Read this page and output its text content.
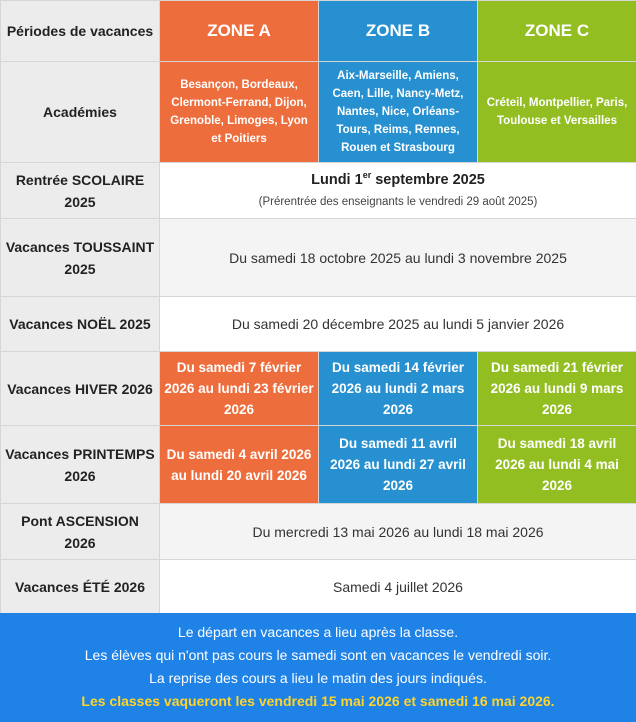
Périodes de vacances	ZONE A	ZONE B	ZONE C
Académies	Besançon, Bordeaux, Clermont-Ferrand, Dijon, Grenoble, Limoges, Lyon et Poitiers	Aix-Marseille, Amiens, Caen, Lille, Nancy-Metz, Nantes, Nice, Orléans-Tours, Reims, Rennes, Rouen et Strasbourg	Créteil, Montpellier, Paris, Toulouse et Versailles
Rentrée SCOLAIRE 2025	Lundi 1er septembre 2025
(Prérentrée des enseignants le vendredi 29 août 2025)		

Vacances TOUSSAINT 2025	Du samedi 18 octobre 2025 au lundi 3 novembre 2025		
Vacances NOËL 2025	Du samedi 20 décembre 2025 au lundi 5 janvier 2026		
Vacances HIVER 2026	Du samedi 7 février 2026 au lundi 23 février 2026	Du samedi 14 février 2026 au lundi 2 mars 2026	Du samedi 21 février 2026 au lundi 9 mars 2026
Vacances PRINTEMPS 2026	Du samedi 4 avril 2026 au lundi 20 avril 2026	Du samedi 11 avril 2026 au lundi 27 avril 2026	Du samedi 18 avril 2026 au lundi 4 mai 2026
Pont ASCENSION 2026	Du mercredi 13 mai 2026 au lundi 18 mai 2026		
Vacances ÉTÉ 2026	Samedi 4 juillet 2026		
Le départ en vacances a lieu après la classe.
Les élèves qui n'ont pas cours le samedi sont en vacances le vendredi soir.
La reprise des cours a lieu le matin des jours indiqués.
Les classes vaqueront les vendredi 15 mai 2026 et samedi 16 mai 2026.
